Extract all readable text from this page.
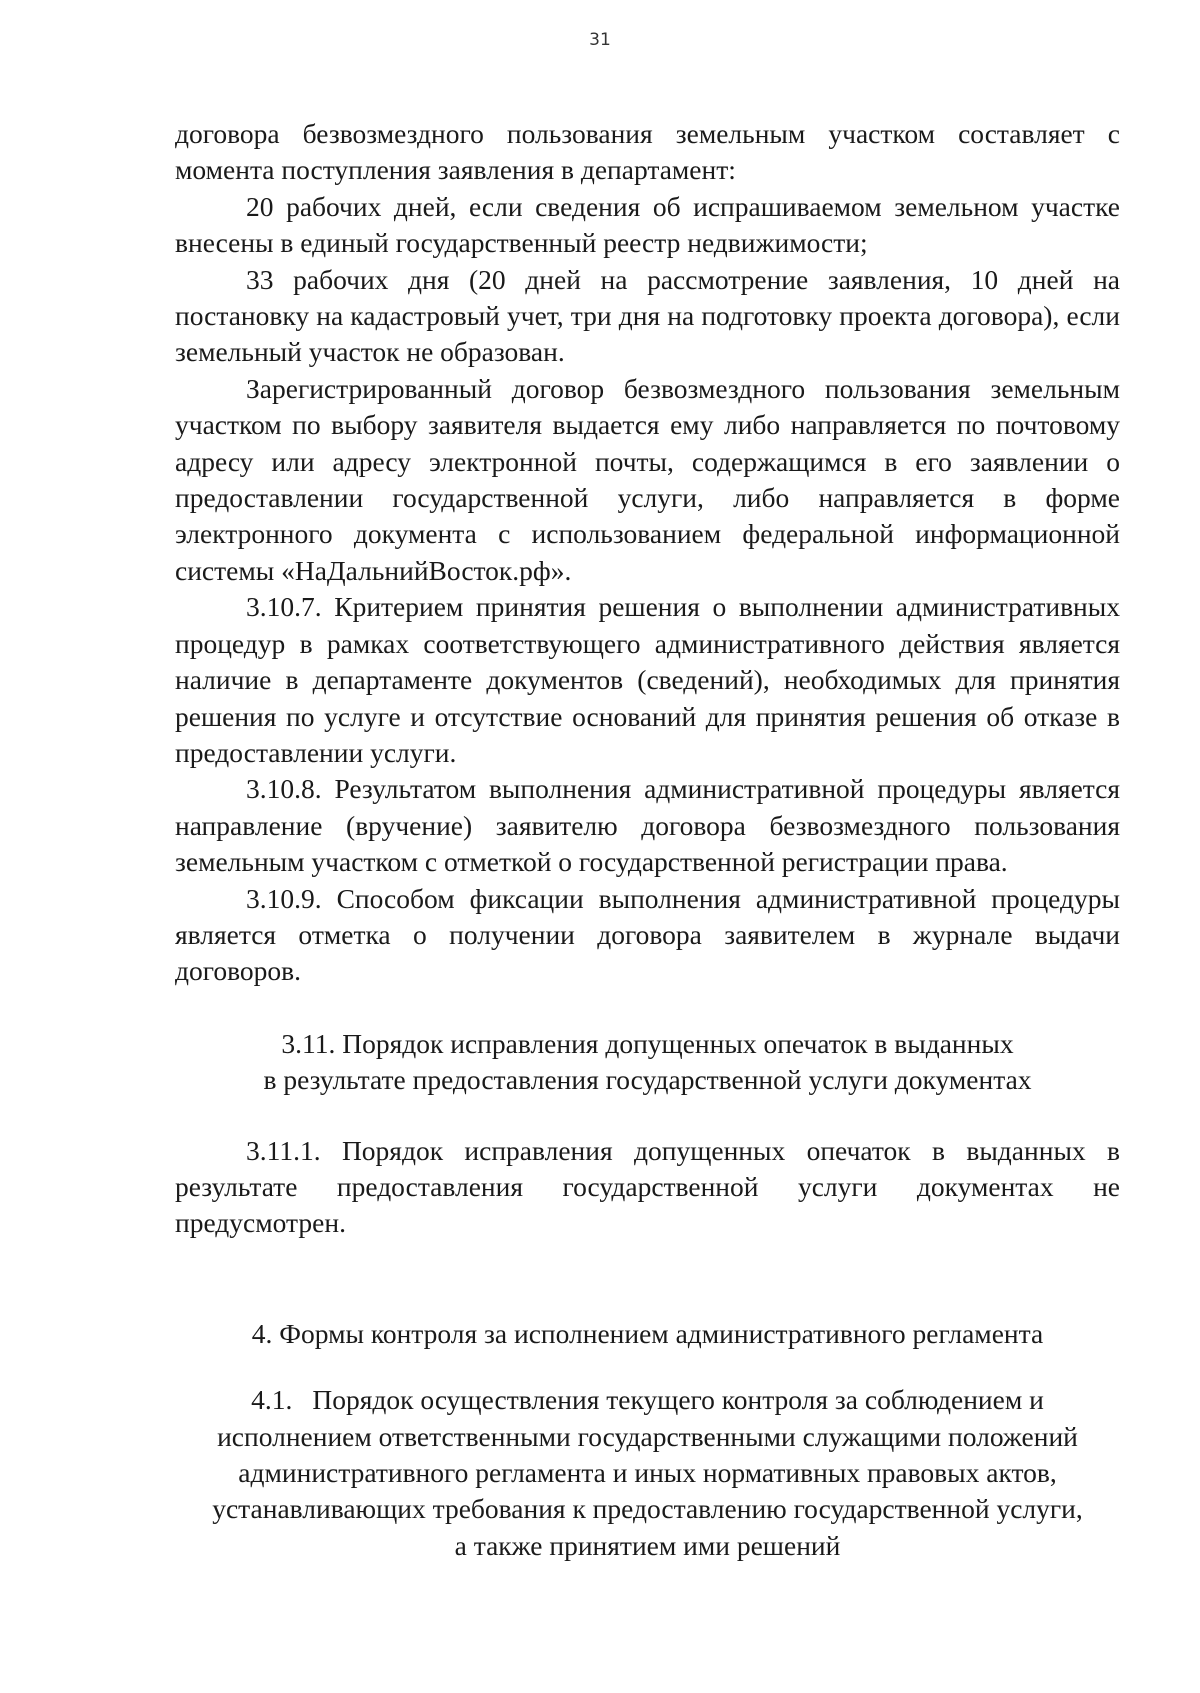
31

договора безвозмездного пользования земельным участком составляет с момента поступления заявления в департамент:

20 рабочих дней, если сведения об испрашиваемом земельном участке внесены в единый государственный реестр недвижимости;

33 рабочих дня (20 дней на рассмотрение заявления, 10 дней на постановку на кадастровый учет, три дня на подготовку проекта договора), если земельный участок не образован.

Зарегистрированный договор безвозмездного пользования земельным участком по выбору заявителя выдается ему либо направляется по почтовому адресу или адресу электронной почты, содержащимся в его заявлении о предоставлении государственной услуги, либо направляется в форме электронного документа с использованием федеральной информационной системы «НаДальнийВосток.рф».

3.10.7. Критерием принятия решения о выполнении административных процедур в рамках соответствующего административного действия является наличие в департаменте документов (сведений), необходимых для принятия решения по услуге и отсутствие оснований для принятия решения об отказе в предоставлении услуги.

3.10.8. Результатом выполнения административной процедуры является направление (вручение) заявителю договора безвозмездного пользования земельным участком с отметкой о государственной регистрации права.

3.10.9. Способом фиксации выполнения административной процедуры является отметка о получении договора заявителем в журнале выдачи договоров.

3.11. Порядок исправления допущенных опечаток в выданных

в результате предоставления государственной услуги документах

3.11.1. Порядок исправления допущенных опечаток в выданных в результате предоставления государственной услуги документах не предусмотрен.

4. Формы контроля за исполнением административного регламента

4.1. Порядок осуществления текущего контроля за соблюдением и

исполнением ответственными государственными служащими положений

административного регламента и иных нормативных правовых актов,

устанавливающих требования к предоставлению государственной услуги,

а также принятием ими решений
